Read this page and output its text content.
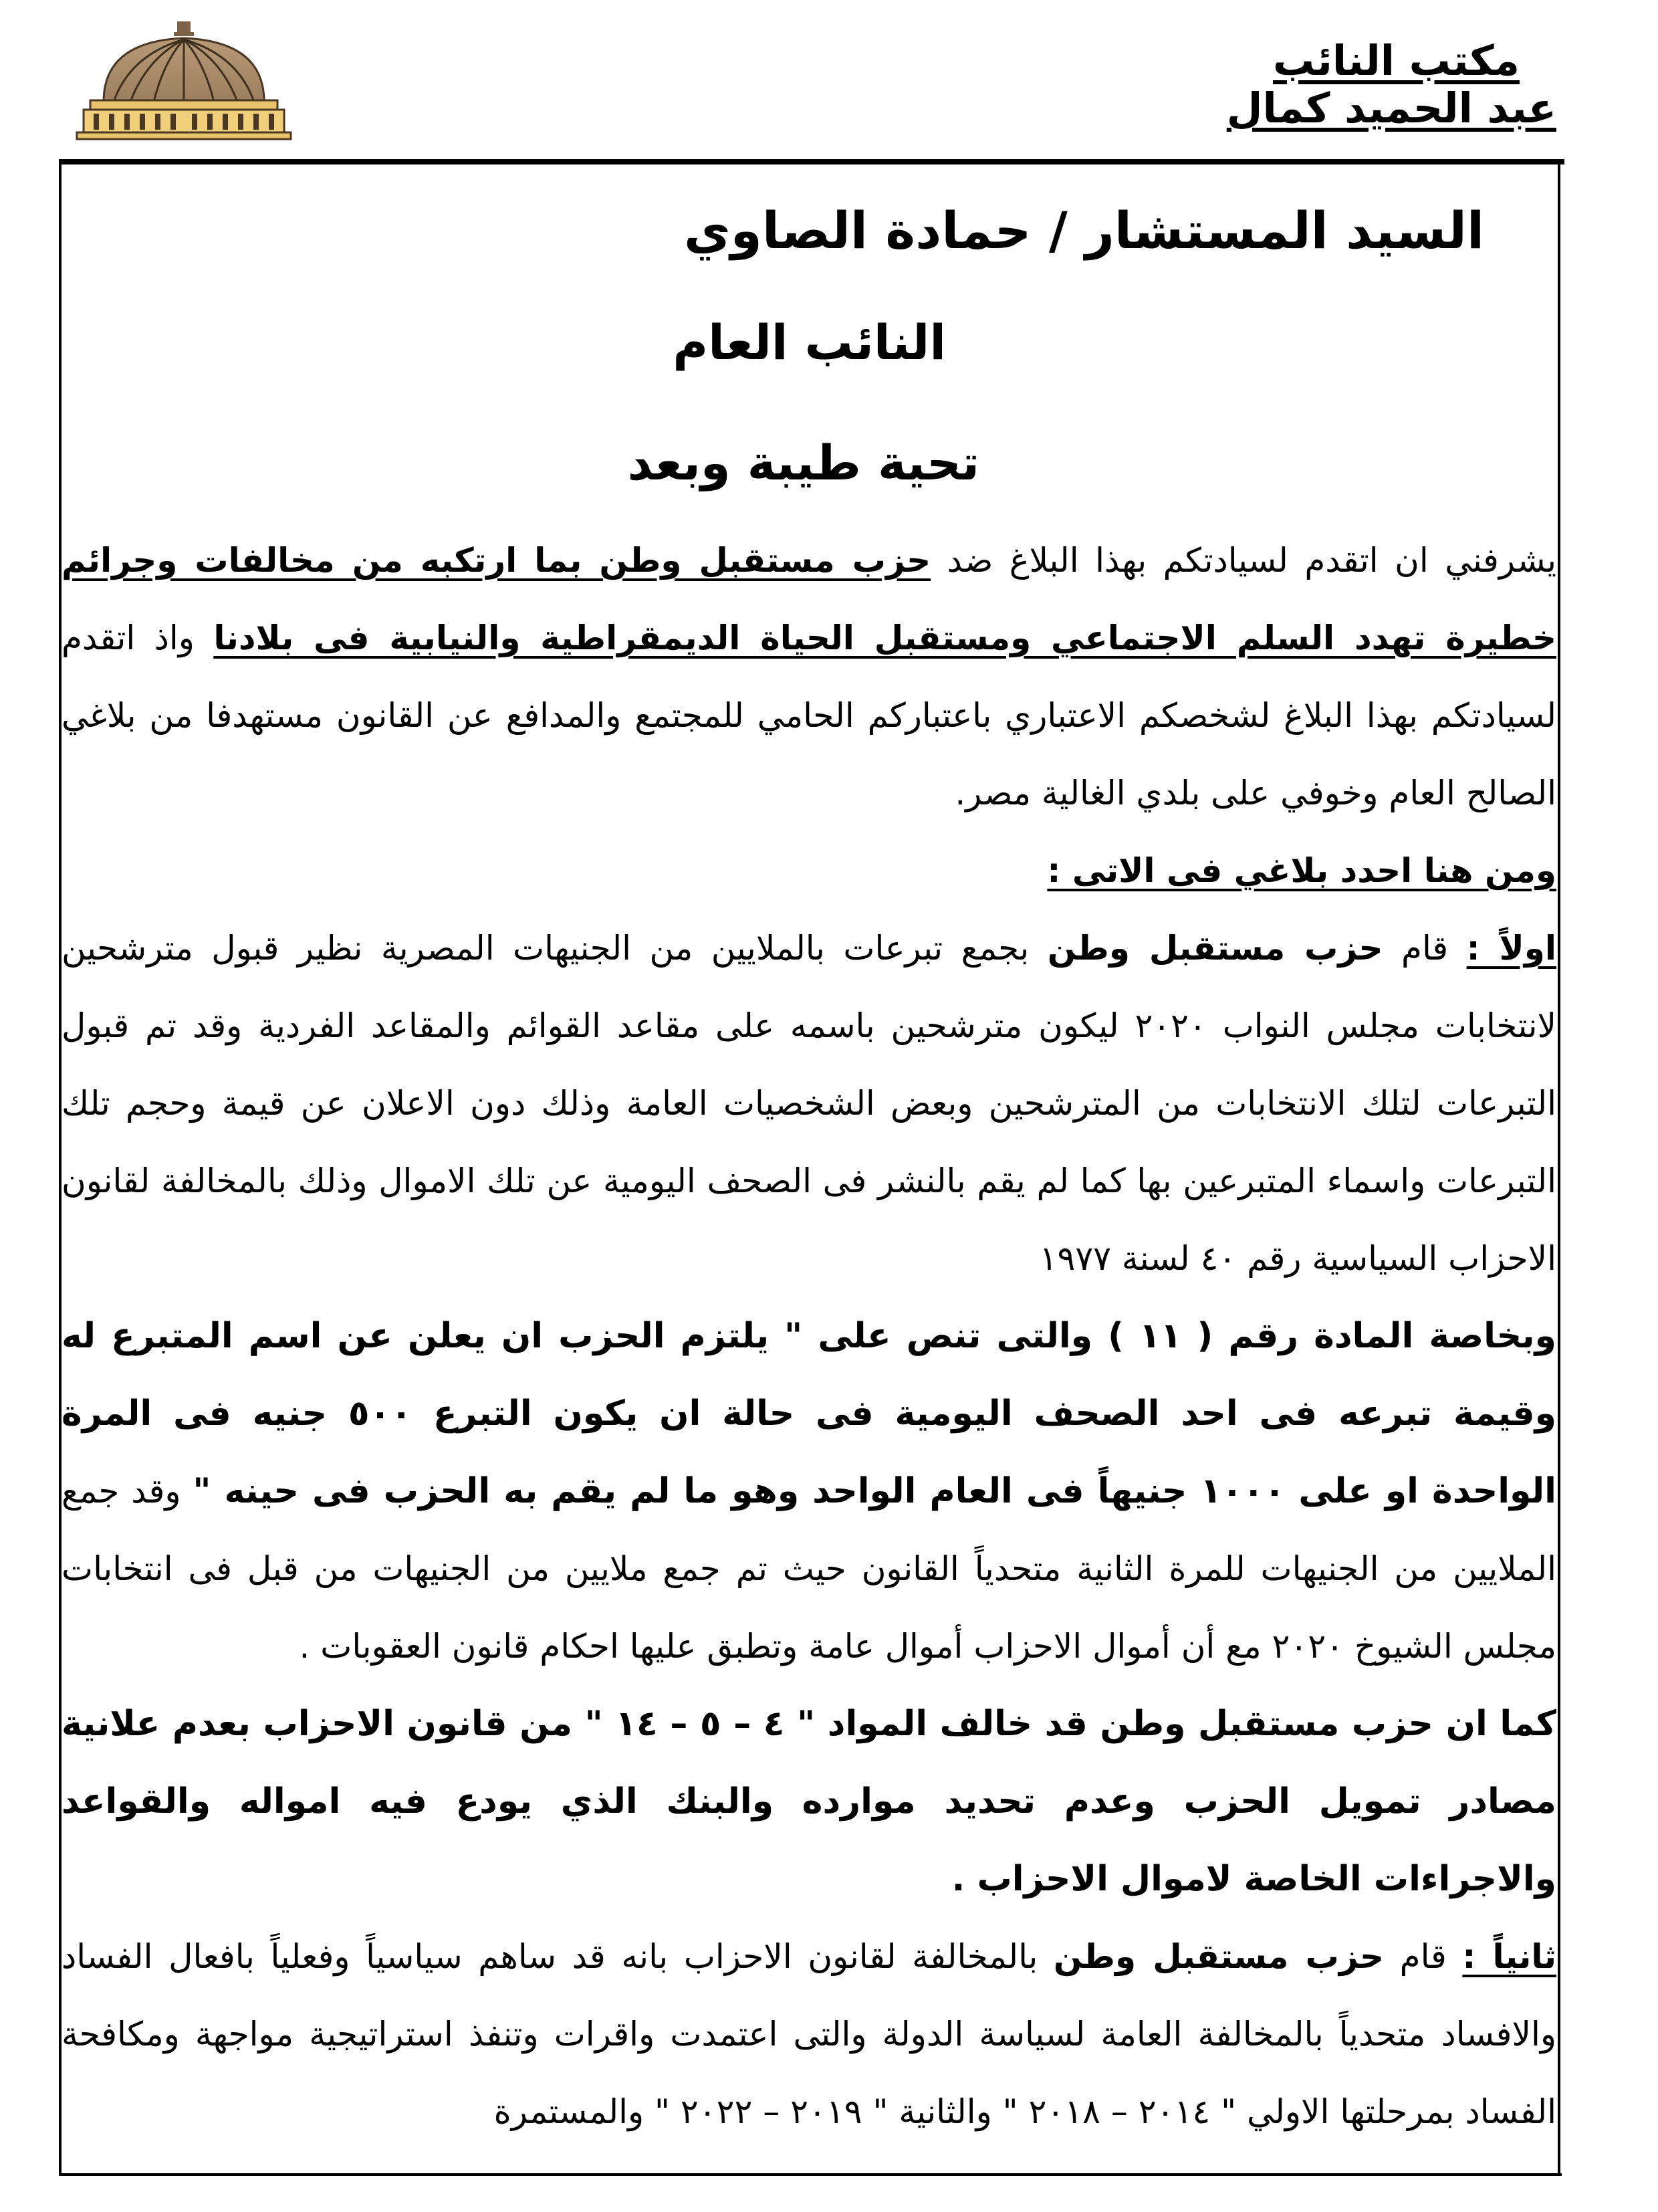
مكتب النائب
عبد الحميد كمال
السيد المستشار / حمادة الصاوي
النائب العام
تحية طيبة وبعد

يشرفني ان اتقدم لسيادتكم بهذا البلاغ ضد حزب مستقبل وطن بما ارتكبه من مخالفات وجرائم خطيرة تهدد السلم الاجتماعي ومستقبل الحياة الديمقراطية والنيابية فى بلادنا واذ اتقدم لسيادتكم بهذا البلاغ لشخصكم الاعتباري باعتباركم الحامي للمجتمع والمدافع عن القانون مستهدفا من بلاغي الصالح العام وخوفي على بلدي الغالية مصر.

ومن هنا احدد بلاغي فى الاتى :

اولاً : قام حزب مستقبل وطن بجمع تبرعات بالملايين من الجنيهات المصرية نظير قبول مترشحين لانتخابات مجلس النواب ٢٠٢٠ ليكون مترشحين باسمه على مقاعد القوائم والمقاعد الفردية وقد تم قبول التبرعات لتلك الانتخابات من المترشحين وبعض الشخصيات العامة وذلك دون الاعلان عن قيمة وحجم تلك التبرعات واسماء المتبرعين بها كما لم يقم بالنشر فى الصحف اليومية عن تلك الاموال وذلك بالمخالفة لقانون الاحزاب السياسية رقم ٤٠ لسنة ١٩٧٧

وبخاصة المادة رقم ( ١١ ) والتى تنص على " يلتزم الحزب ان يعلن عن اسم المتبرع له وقيمة تبرعه فى احد الصحف اليومية فى حالة ان يكون التبرع ٥٠٠ جنيه فى المرة الواحدة او على ١٠٠٠ جنيهاً فى العام الواحد وهو ما لم يقم به الحزب فى حينه " وقد جمع الملايين من الجنيهات للمرة الثانية متحدياً القانون حيث تم جمع ملايين من الجنيهات من قبل فى انتخابات مجلس الشيوخ ٢٠٢٠ مع أن أموال الاحزاب أموال عامة وتطبق عليها احكام قانون العقوبات .

كما ان حزب مستقبل وطن قد خالف المواد " ٤ – ٥ – ١٤ " من قانون الاحزاب بعدم علانية مصادر تمويل الحزب وعدم تحديد موارده والبنك الذي يودع فيه امواله والقواعد والاجراءات الخاصة لاموال الاحزاب .

ثانياً : قام حزب مستقبل وطن بالمخالفة لقانون الاحزاب بانه قد ساهم سياسياً وفعلياً بافعال الفساد والافساد متحدياً بالمخالفة العامة لسياسة الدولة والتى اعتمدت واقرات وتنفذ استراتيجية مواجهة ومكافحة الفساد بمرحلتها الاولي " ٢٠١٤ – ٢٠١٨ " والثانية " ٢٠١٩ – ٢٠٢٢ " والمستمرة
